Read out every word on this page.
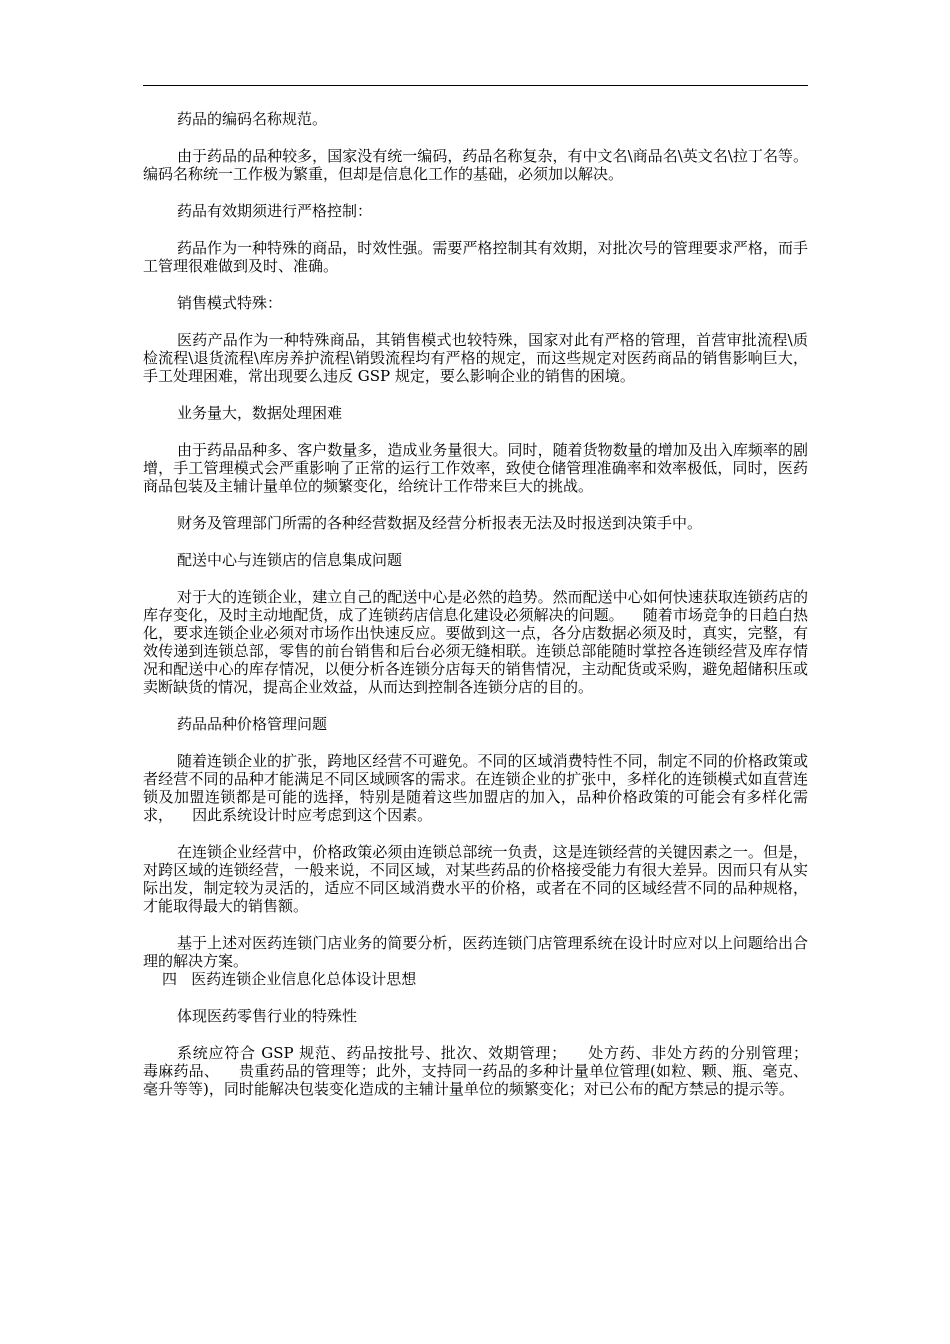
药品的编码名称规范。

由于药品的品种较多，国家没有统一编码，药品名称复杂，有中文名\商品名\英文名\拉丁名等。编码名称统一工作极为繁重，但却是信息化工作的基础，必须加以解决。

药品有效期须进行严格控制：

药品作为一种特殊的商品，时效性强。需要严格控制其有效期，对批次号的管理要求严格，而手工管理很难做到及时、准确。

销售模式特殊：

医药产品作为一种特殊商品，其销售模式也较特殊，国家对此有严格的管理，首营审批流程\质检流程\退货流程\库房养护流程\销毁流程均有严格的规定，而这些规定对医药商品的销售影响巨大，手工处理困难，常出现要么违反 GSP 规定，要么影响企业的销售的困境。

业务量大，数据处理困难

由于药品品种多、客户数量多，造成业务量很大。同时，随着货物数量的增加及出入库频率的剧增，手工管理模式会严重影响了正常的运行工作效率，致使仓储管理准确率和效率极低，同时，医药商品包装及主辅计量单位的频繁变化，给统计工作带来巨大的挑战。

财务及管理部门所需的各种经营数据及经营分析报表无法及时报送到决策手中。

配送中心与连锁店的信息集成问题

对于大的连锁企业，建立自己的配送中心是必然的趋势。然而配送中心如何快速获取连锁药店的库存变化，及时主动地配货，成了连锁药店信息化建设必须解决的问题。    随着市场竞争的日趋白热化，要求连锁企业必须对市场作出快速反应。要做到这一点，各分店数据必须及时，真实，完整，有效传递到连锁总部，零售的前台销售和后台必须无缝相联。连锁总部能随时掌控各连锁经营及库存情况和配送中心的库存情况，以便分析各连锁分店每天的销售情况，主动配货或采购，避免超储积压或卖断缺货的情况，提高企业效益，从而达到控制各连锁分店的目的。

药品品种价格管理问题

随着连锁企业的扩张，跨地区经营不可避免。不同的区域消费特性不同，制定不同的价格政策或者经营不同的品种才能满足不同区域顾客的需求。在连锁企业的扩张中，多样化的连锁模式如直营连锁及加盟连锁都是可能的选择，特别是随着这些加盟店的加入，品种价格政策的可能会有多样化需求，    因此系统设计时应考虑到这个因素。

在连锁企业经营中，价格政策必须由连锁总部统一负责，这是连锁经营的关键因素之一。但是，对跨区域的连锁经营，一般来说，不同区域，对某些药品的价格接受能力有很大差异。因而只有从实际出发，制定较为灵活的，适应不同区域消费水平的价格，或者在不同的区域经营不同的品种规格，才能取得最大的销售额。

基于上述对医药连锁门店业务的简要分析，医药连锁门店管理系统在设计时应对以上问题给出合理的解决方案。

四   医药连锁企业信息化总体设计思想

体现医药零售行业的特殊性

系统应符合 GSP 规范、药品按批号、批次、效期管理；    处方药、非处方药的分别管理；    毒麻药品、    贵重药品的管理等；此外，支持同一药品的多种计量单位管理(如粒、颗、瓶、毫克、毫升等等)，同时能解决包装变化造成的主辅计量单位的频繁变化；对已公布的配方禁忌的提示等。
